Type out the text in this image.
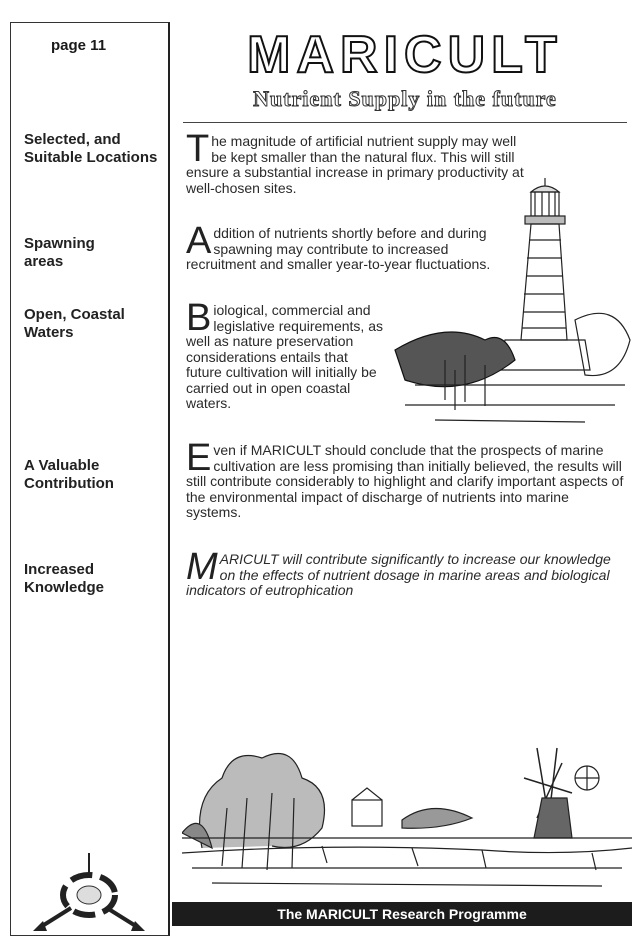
page 11
Selected, and Suitable Locations
Spawning areas
Open, Coastal Waters
A Valuable Contribution
Increased Knowledge
MARICULT
Nutrient Supply in the future
The magnitude of artificial nutrient supply may well be kept smaller than the natural flux. This will still ensure a substantial increase in primary productivity at well-chosen sites.
Addition of nutrients shortly before and during spawning may contribute to increased recruitment and smaller year-to-year fluctuations.
Biological, commercial and legislative requirements, as well as nature preservation considerations entails that future cultivation will initially be carried out in open coastal waters.
Even if MARICULT should conclude that the prospects of marine cultivation are less promising than initially believed, the results will still contribute considerably to highlight and clarify important aspects of the environmental impact of discharge of nutrients into marine systems.
MARICULT will contribute significantly to increase our knowledge on the effects of nutrient dosage in marine areas and biological indicators of eutrophication
The MARICULT Research Programme
